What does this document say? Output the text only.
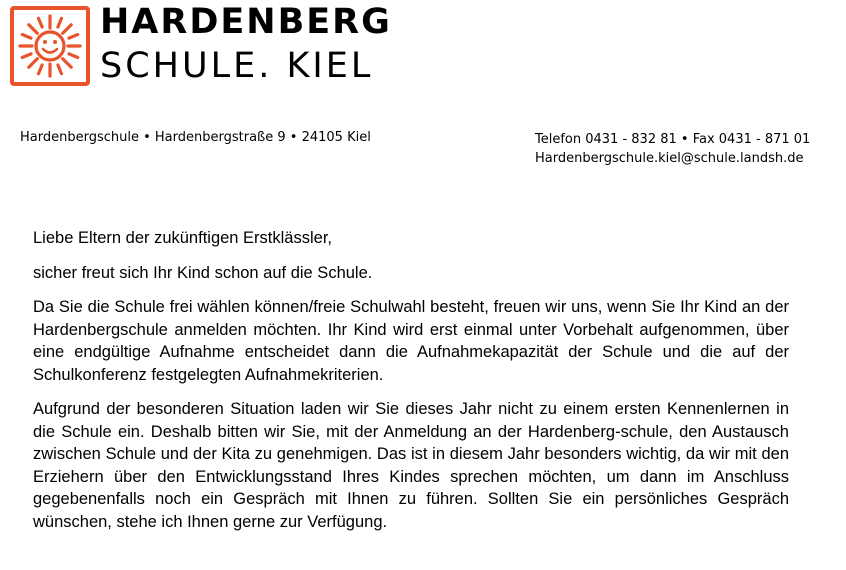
HARDENBERG
SCHULE. KIEL
Hardenbergschule • Hardenbergstraße 9 • 24105 Kiel	Telefon 0431 - 832 81 • Fax 0431 - 871 01
Hardenbergschule.kiel@schule.landsh.de

Liebe Eltern der zukünftigen Erstklässler,

sicher freut sich Ihr Kind schon auf die Schule.

Da Sie die Schule frei wählen können/freie Schulwahl besteht, freuen wir uns, wenn Sie Ihr Kind an der Hardenbergschule anmelden möchten. Ihr Kind wird erst einmal unter Vorbehalt aufgenommen, über eine endgültige Aufnahme entscheidet dann die Aufnahmekapazität der Schule und die auf der Schulkonferenz festgelegten Aufnahmekriterien.

Aufgrund der besonderen Situation laden wir Sie dieses Jahr nicht zu einem ersten Kennenlernen in die Schule ein. Deshalb bitten wir Sie, mit der Anmeldung an der Hardenberg-schule, den Austausch zwischen Schule und der Kita zu genehmigen. Das ist in diesem Jahr besonders wichtig, da wir mit den Erziehern über den Entwicklungsstand Ihres Kindes sprechen möchten, um dann im Anschluss gegebenenfalls noch ein Gespräch mit Ihnen zu führen. Sollten Sie ein persönliches Gespräch wünschen, stehe ich Ihnen gerne zur Verfügung.
